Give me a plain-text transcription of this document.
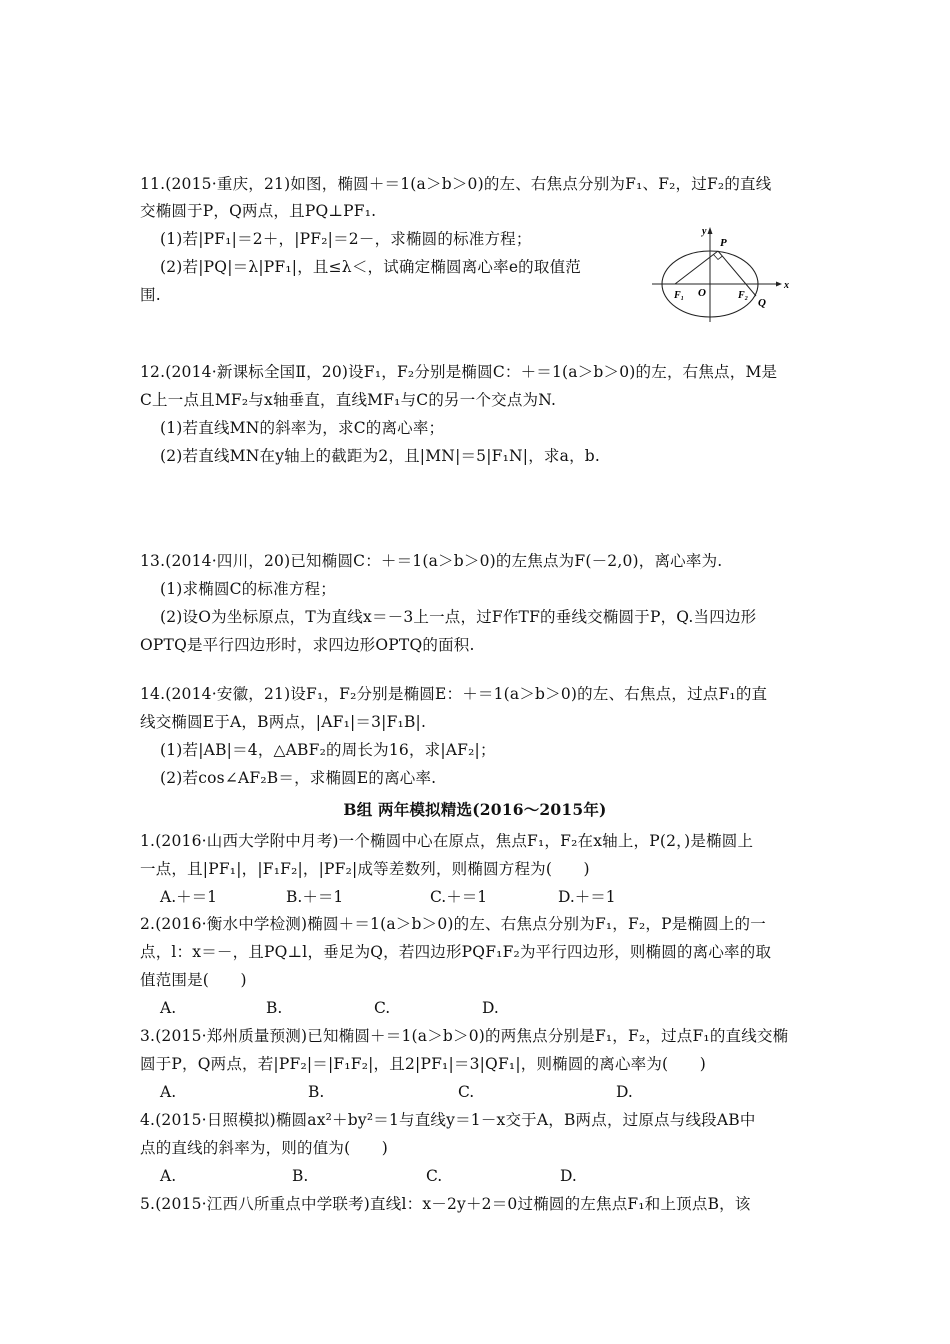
11.(2015·重庆，21)如图，椭圆＋＝1(a＞b＞0)的左、右焦点分别为F₁、F₂，过F₂的直线
交椭圆于P，Q两点，且PQ⊥PF₁.
(1)若|PF₁|＝2＋，|PF₂|＝2－，求椭圆的标准方程；
(2)若|PQ|＝λ|PF₁|，且≤λ＜，试确定椭圆离心率e的取值范
围.
y
x
P
O
F₁	F₂
Q
12.(2014·新课标全国Ⅱ，20)设F₁，F₂分别是椭圆C：＋＝1(a＞b＞0)的左，右焦点，M是
C上一点且MF₂与x轴垂直，直线MF₁与C的另一个交点为N.
(1)若直线MN的斜率为，求C的离心率；
(2)若直线MN在y轴上的截距为2，且|MN|＝5|F₁N|，求a，b.
13.(2014·四川，20)已知椭圆C：＋＝1(a＞b＞0)的左焦点为F(－2,0)，离心率为.
(1)求椭圆C的标准方程；
(2)设O为坐标原点，T为直线x＝－3上一点，过F作TF的垂线交椭圆于P，Q.当四边形
OPTQ是平行四边形时，求四边形OPTQ的面积.
14.(2014·安徽，21)设F₁，F₂分别是椭圆E：＋＝1(a＞b＞0)的左、右焦点，过点F₁的直
线交椭圆E于A，B两点，|AF₁|＝3|F₁B|.
(1)若|AB|＝4，△ABF₂的周长为16，求|AF₂|；
(2)若cos∠AF₂B＝，求椭圆E的离心率.
B组 两年模拟精选(2016～2015年)
1.(2016·山西大学附中月考)一个椭圆中心在原点，焦点F₁，F₂在x轴上，P(2，)是椭圆上
一点，且|PF₁|，|F₁F₂|，|PF₂|成等差数列，则椭圆方程为(　　)
A.＋＝1	B.＋＝1	C.＋＝1	D.＋＝1
2.(2016·衡水中学检测)椭圆＋＝1(a＞b＞0)的左、右焦点分别为F₁，F₂，P是椭圆上的一
点，l：x＝－，且PQ⊥l，垂足为Q，若四边形PQF₁F₂为平行四边形，则椭圆的离心率的取
值范围是(　　)
A.	B.	C.	D.
3.(2015·郑州质量预测)已知椭圆＋＝1(a＞b＞0)的两焦点分别是F₁，F₂，过点F₁的直线交椭
圆于P，Q两点，若|PF₂|＝|F₁F₂|，且2|PF₁|＝3|QF₁|，则椭圆的离心率为(　　)
A.	B.	C.	D.
4.(2015·日照模拟)椭圆ax²＋by²＝1与直线y＝1－x交于A，B两点，过原点与线段AB中
点的直线的斜率为，则的值为(　　)
A.	B.	C.	D.
5.(2015·江西八所重点中学联考)直线l：x－2y＋2＝0过椭圆的左焦点F₁和上顶点B，该
